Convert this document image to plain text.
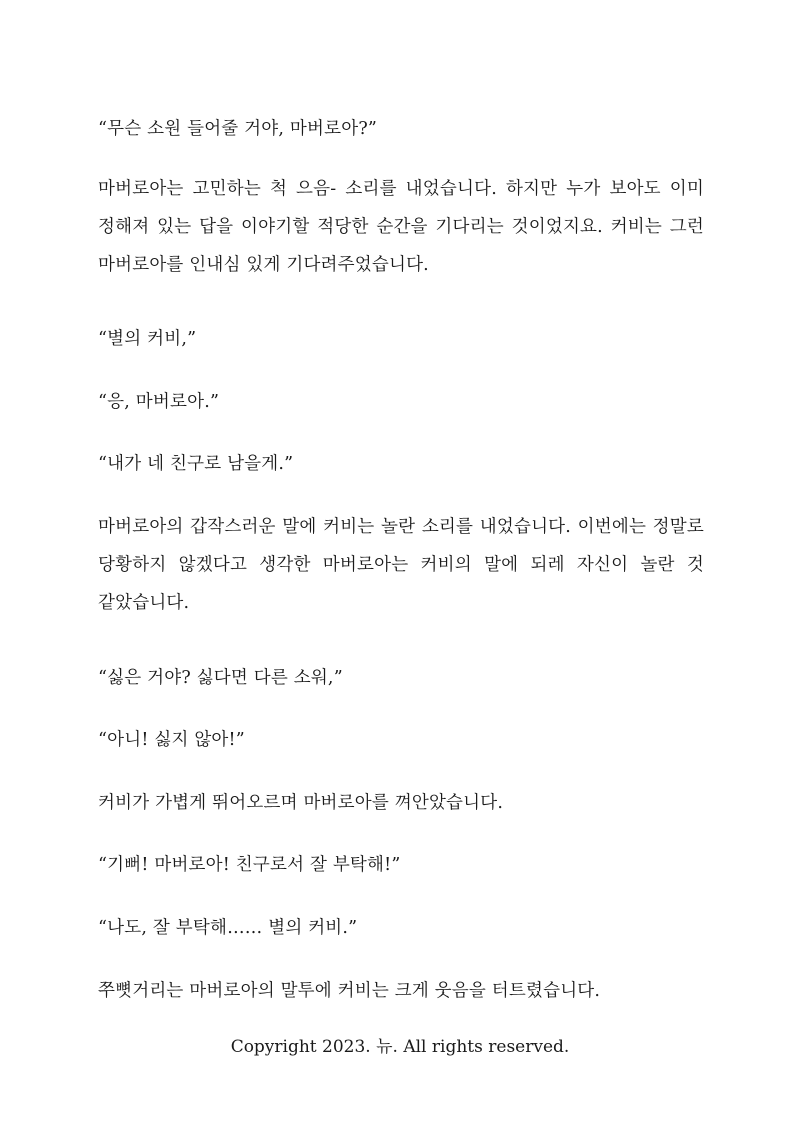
“무슨 소원 들어줄 거야, 마버로아?”

마버로아는 고민하는 척 으음- 소리를 내었습니다. 하지만 누가 보아도 이미 정해져 있는 답을 이야기할 적당한 순간을 기다리는 것이었지요. 커비는 그런 마버로아를 인내심 있게 기다려주었습니다.

“별의 커비,”

“응, 마버로아.”

“내가 네 친구로 남을게.”

마버로아의 갑작스러운 말에 커비는 놀란 소리를 내었습니다. 이번에는 정말로 당황하지 않겠다고 생각한 마버로아는 커비의 말에 되레 자신이 놀란 것 같았습니다.

“싫은 거야? 싫다면 다른 소워,”

“아니! 싫지 않아!”

커비가 가볍게 뛰어오르며 마버로아를 껴안았습니다.

“기뻐! 마버로아! 친구로서 잘 부탁해!”

“나도, 잘 부탁해…… 별의 커비.”

쭈뼛거리는 마버로아의 말투에 커비는 크게 웃음을 터트렸습니다.

Copyright 2023. 뉴. All rights reserved.
